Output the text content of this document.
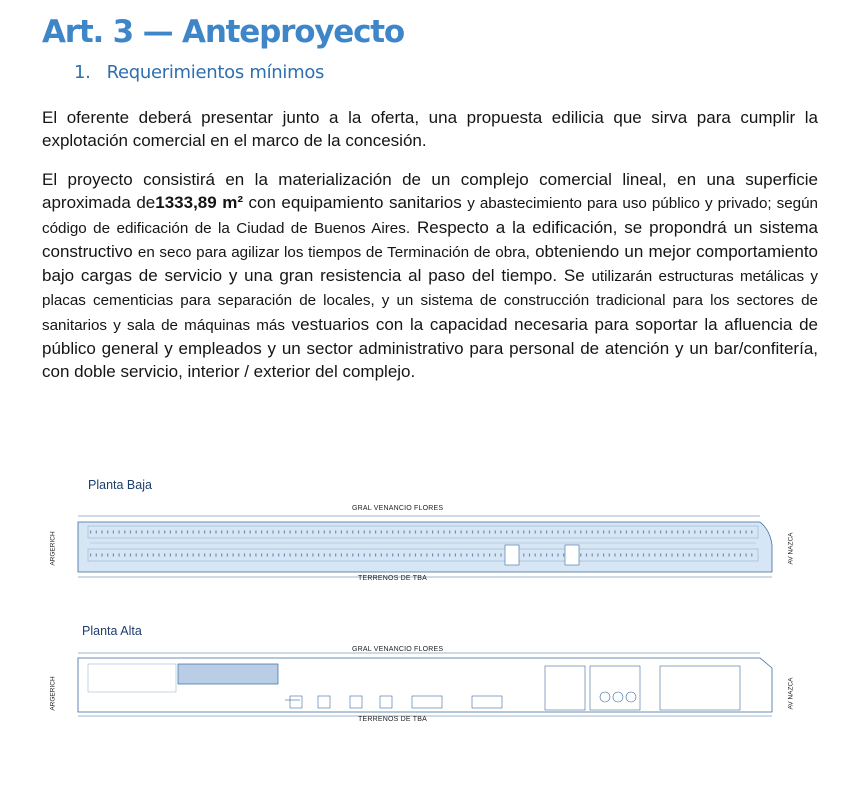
Art. 3 — Anteproyecto
1. Requerimientos mínimos

El oferente deberá presentar junto a la oferta, una propuesta edilicia que sirva para cumplir la explotación comercial en el marco de la concesión.

El proyecto consistirá en la materialización de un complejo comercial lineal, en una superficie aproximada de1333,89 m² con equipamiento sanitarios y abastecimiento para uso público y privado; según código de edificación de la Ciudad de Buenos Aires. Respecto a la edificación, se propondrá un sistema constructivo en seco para agilizar los tiempos de Terminación de obra, obteniendo un mejor comportamiento bajo cargas de servicio y una gran resistencia al paso del tiempo. Se utilizarán estructuras metálicas y placas cementicias para separación de locales, y un sistema de construcción tradicional para los sectores de sanitarios y sala de máquinas más vestuarios con la capacidad necesaria para soportar la afluencia de público general y empleados y un sector administrativo para personal de atención y un bar/confitería, con doble servicio, interior / exterior del complejo.

Planta Baja
GRAL VENANCIO FLORES
TERRENOS DE TBA
ARGERICH	AV NAZCA
Planta Alta
GRAL VENANCIO FLORES
TERRENOS DE TBA
ARGERICH	AV NAZCA
